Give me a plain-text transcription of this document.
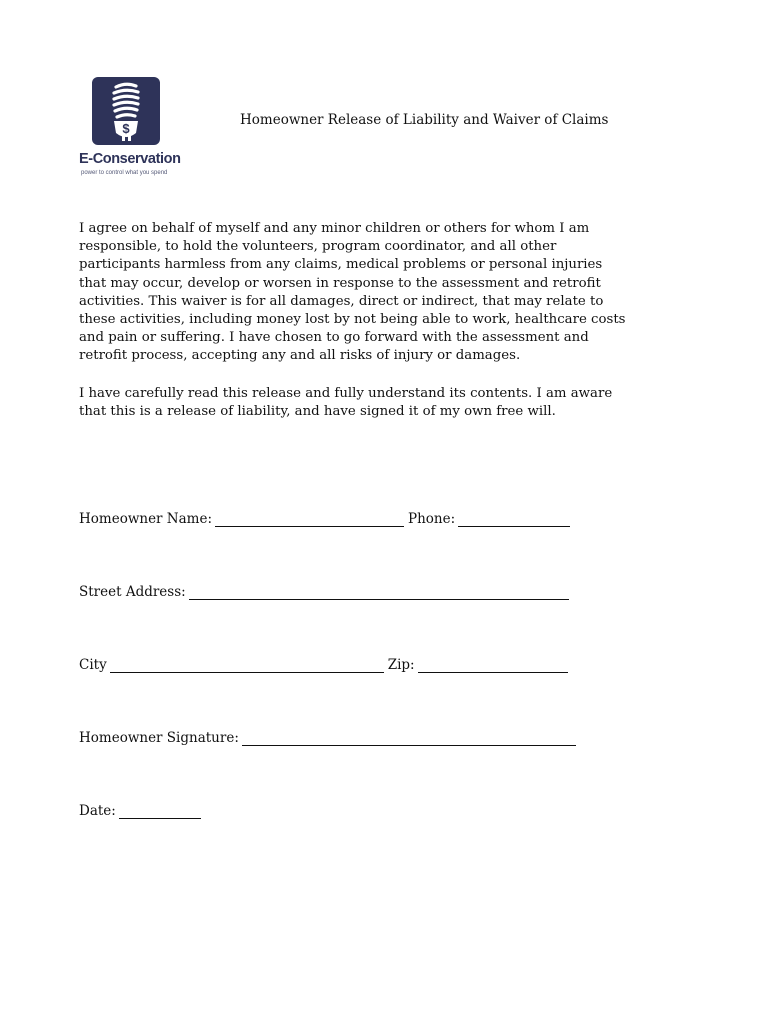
$
E-Conservation
power to control what you spend
Homeowner Release of Liability and Waiver of Claims

I agree on behalf of myself and any minor children or others for whom I am responsible, to hold the volunteers, program coordinator, and all other participants harmless from any claims, medical problems or personal injuries that may occur, develop or worsen in response to the assessment and retrofit activities. This waiver is for all damages, direct or indirect, that may relate to these activities, including money lost by not being able to work, healthcare costs and pain or suffering. I have chosen to go forward with the assessment and retrofit process, accepting any and all risks of injury or damages.

I have carefully read this release and fully understand its contents. I am aware that this is a release of liability, and have signed it of my own free will.

Homeowner Name:	Phone:
Street Address:
City	Zip:
Homeowner Signature:
Date:
